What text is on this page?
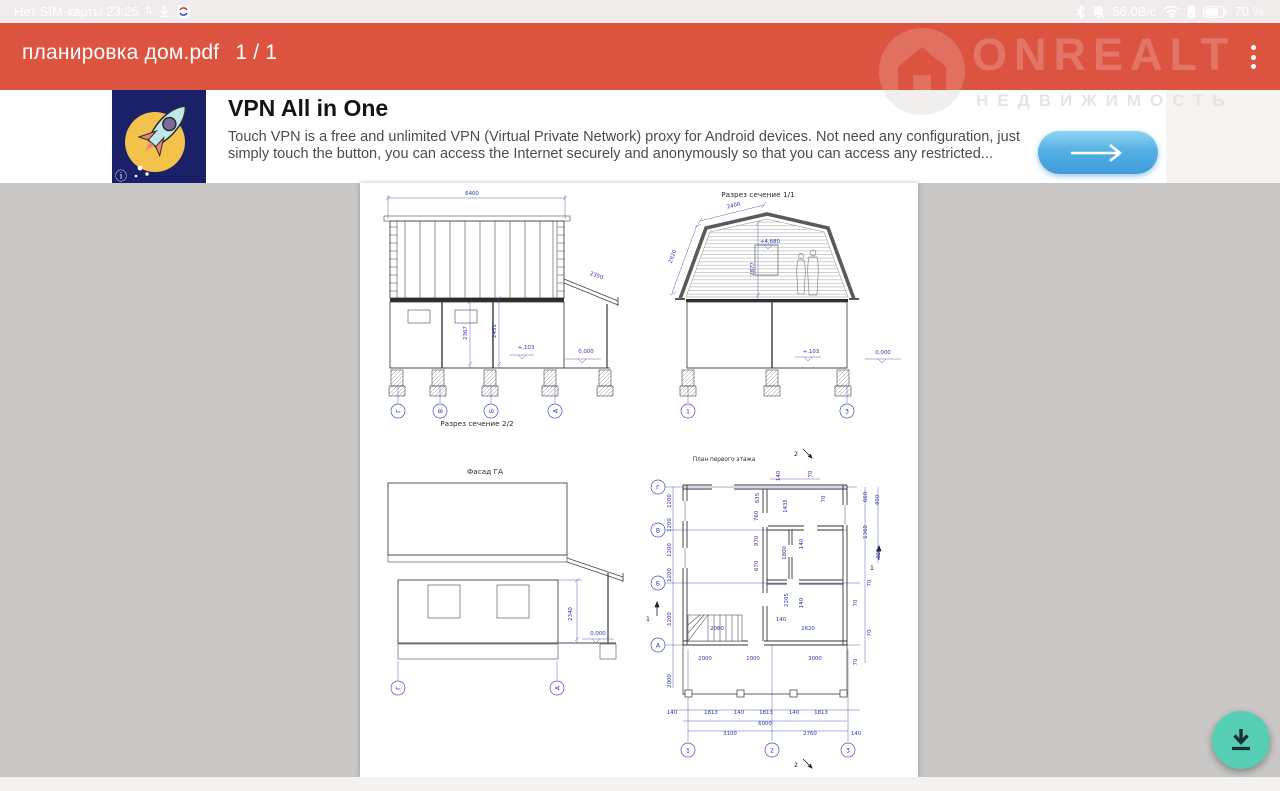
Нет SIM-карты 23:25 ⇅	56.0В/с	70 %
ONREALT
планировка дом.pdf 1 / 1
НЕДВИЖИМОСТЬ
ⓘ
VPN All in One
Touch VPN is a free and unlimited VPN (Virtual Private Network) proxy for Android devices. Not need any configuration, just
simply touch the button, you can access the Internet securely and anonymously so that you can access any restricted...
Разрез сечение 2/2
Г	В	Б	А
6400
2350
2367	2451
+,103
0,000
Разрез сечение 1/1
1	3
2400
2920
2877
+4,680
+,103	0,000
Фасад ГА
Г	А
2340
0,000
План первого этажа
Г
В
Б
А
1	2	3
1200
1200
1200
1200
1200
2000
140	70
660 400
1360
400
70
70
70
70
70
635
760
1435
970	140
1800
670
2205 140
140
2620
2060
2000	1000	3000
140	1813	140	1813	140	1813
6000
3100	2760	140
2
2
1
1
